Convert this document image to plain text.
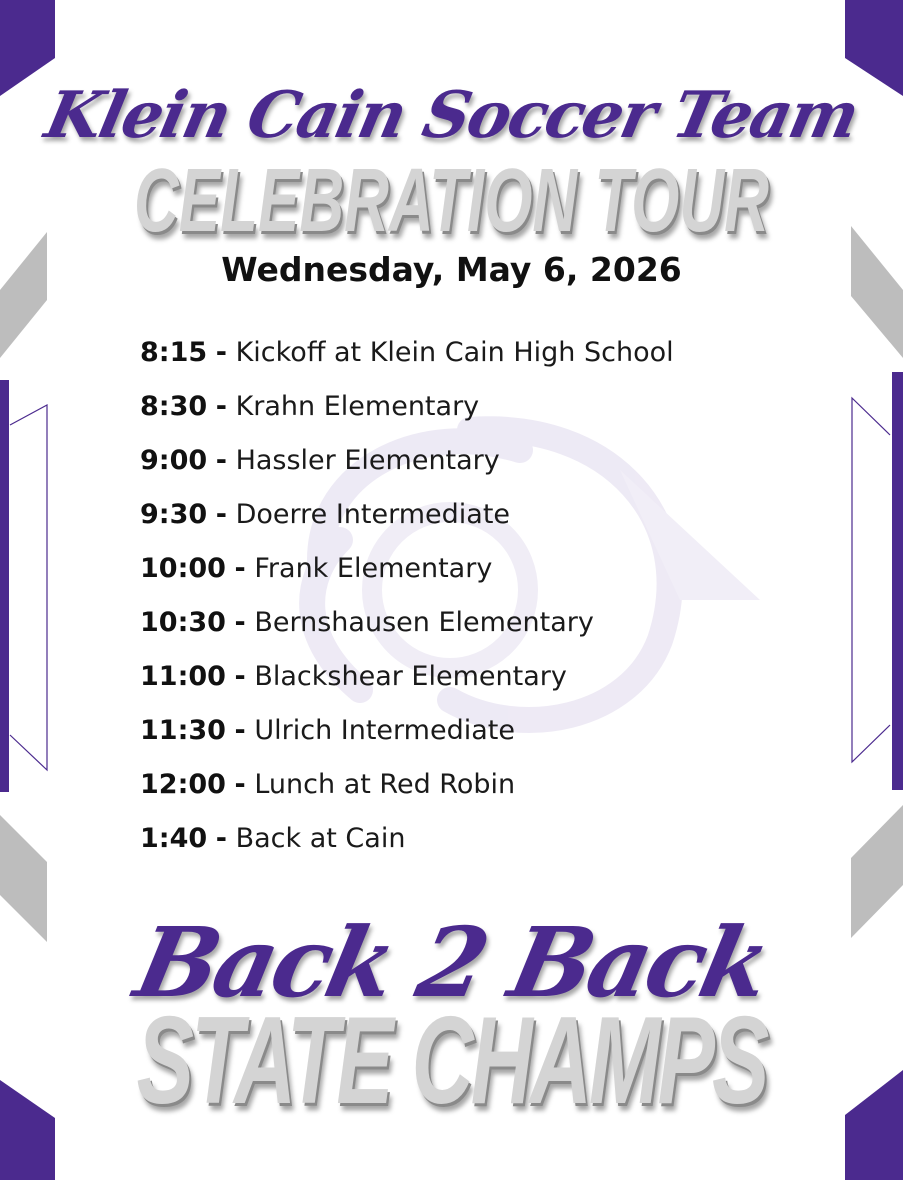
Klein Cain Soccer Team
CELEBRATION TOUR
Wednesday, May 6, 2026
8:15 - Kickoff at Klein Cain High School
8:30 - Krahn Elementary
9:00 - Hassler Elementary
9:30 - Doerre Intermediate
10:00 - Frank Elementary
10:30 - Bernshausen Elementary
11:00 - Blackshear Elementary
11:30 - Ulrich Intermediate
12:00 - Lunch at Red Robin
1:40 - Back at Cain
Back 2 Back
STATE CHAMPS
